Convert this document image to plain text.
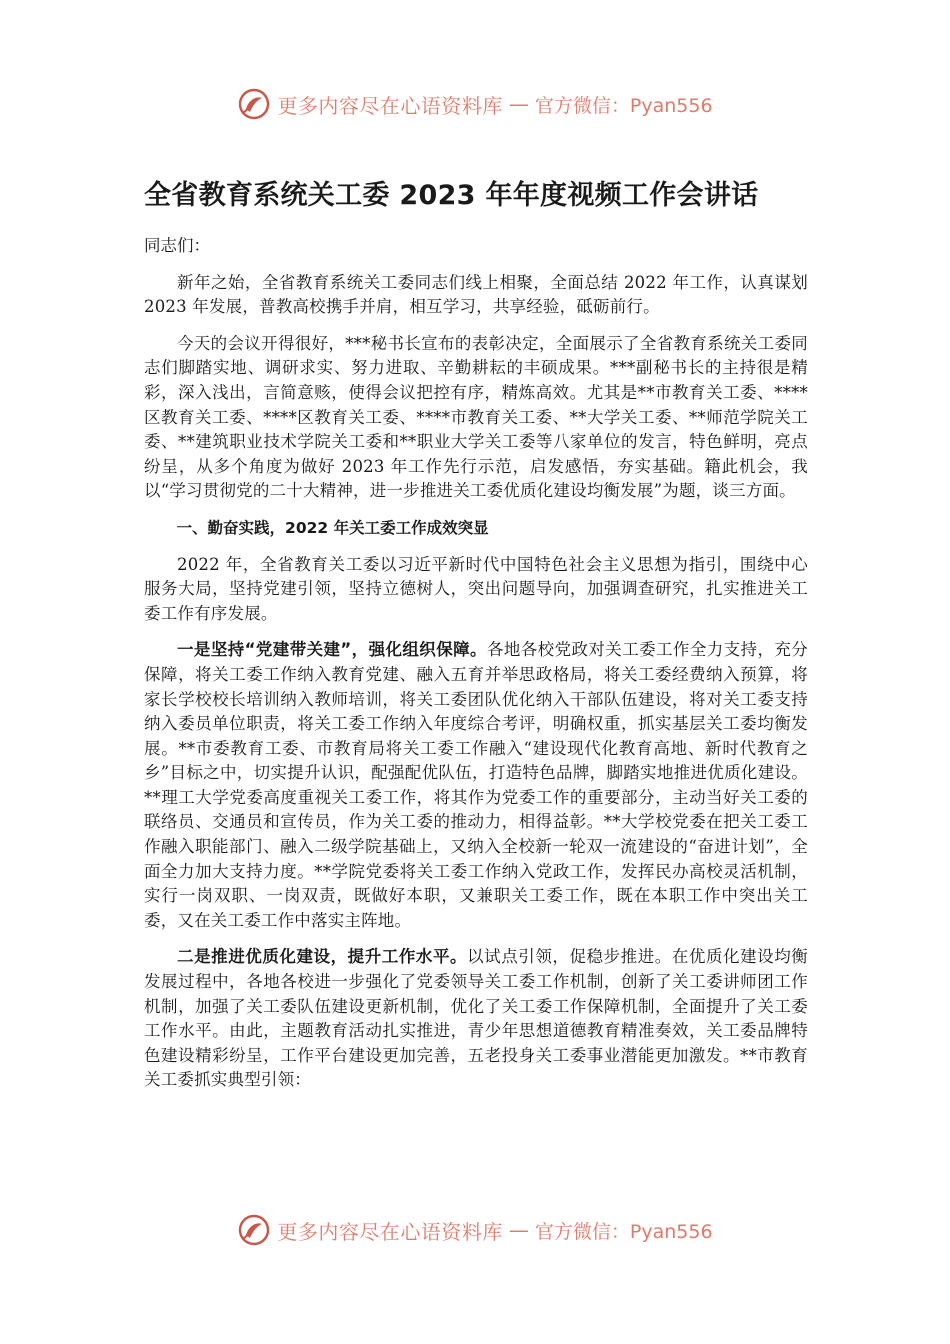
更多内容尽在心语资料库 — 官方微信：Pyan556
全省教育系统关工委 2023 年年度视频工作会讲话
同志们：

新年之始，全省教育系统关工委同志们线上相聚，全面总结 2022 年工作，认真谋划 2023 年发展，普教高校携手并肩，相互学习，共享经验，砥砺前行。

今天的会议开得很好，***秘书长宣布的表彰决定，全面展示了全省教育系统关工委同志们脚踏实地、调研求实、努力进取、辛勤耕耘的丰硕成果。***副秘书长的主持很是精彩，深入浅出，言简意赅，使得会议把控有序，精炼高效。尤其是**市教育关工委、****区教育关工委、****区教育关工委、****市教育关工委、**大学关工委、**师范学院关工委、**建筑职业技术学院关工委和**职业大学关工委等八家单位的发言，特色鲜明，亮点纷呈，从多个角度为做好 2023 年工作先行示范，启发感悟，夯实基础。籍此机会，我以“学习贯彻党的二十大精神，进一步推进关工委优质化建设均衡发展”为题，谈三方面。

一、勤奋实践，2022 年关工委工作成效突显

2022 年，全省教育关工委以习近平新时代中国特色社会主义思想为指引，围绕中心服务大局，坚持党建引领，坚持立德树人，突出问题导向，加强调查研究，扎实推进关工委工作有序发展。

一是坚持“党建带关建”，强化组织保障。各地各校党政对关工委工作全力支持，充分保障，将关工委工作纳入教育党建、融入五育并举思政格局，将关工委经费纳入预算，将家长学校校长培训纳入教师培训，将关工委团队优化纳入干部队伍建设，将对关工委支持纳入委员单位职责，将关工委工作纳入年度综合考评，明确权重，抓实基层关工委均衡发展。**市委教育工委、市教育局将关工委工作融入“建设现代化教育高地、新时代教育之乡”目标之中，切实提升认识，配强配优队伍，打造特色品牌，脚踏实地推进优质化建设。**理工大学党委高度重视关工委工作，将其作为党委工作的重要部分，主动当好关工委的联络员、交通员和宣传员，作为关工委的推动力，相得益彰。**大学校党委在把关工委工作融入职能部门、融入二级学院基础上，又纳入全校新一轮双一流建设的“奋进计划”，全面全力加大支持力度。**学院党委将关工委工作纳入党政工作，发挥民办高校灵活机制，实行一岗双职、一岗双责，既做好本职，又兼职关工委工作，既在本职工作中突出关工委，又在关工委工作中落实主阵地。

二是推进优质化建设，提升工作水平。以试点引领，促稳步推进。在优质化建设均衡发展过程中，各地各校进一步强化了党委领导关工委工作机制，创新了关工委讲师团工作机制，加强了关工委队伍建设更新机制，优化了关工委工作保障机制，全面提升了关工委工作水平。由此，主题教育活动扎实推进，青少年思想道德教育精准奏效，关工委品牌特色建设精彩纷呈，工作平台建设更加完善，五老投身关工委事业潜能更加激发。**市教育关工委抓实典型引领：

更多内容尽在心语资料库 — 官方微信：Pyan556
